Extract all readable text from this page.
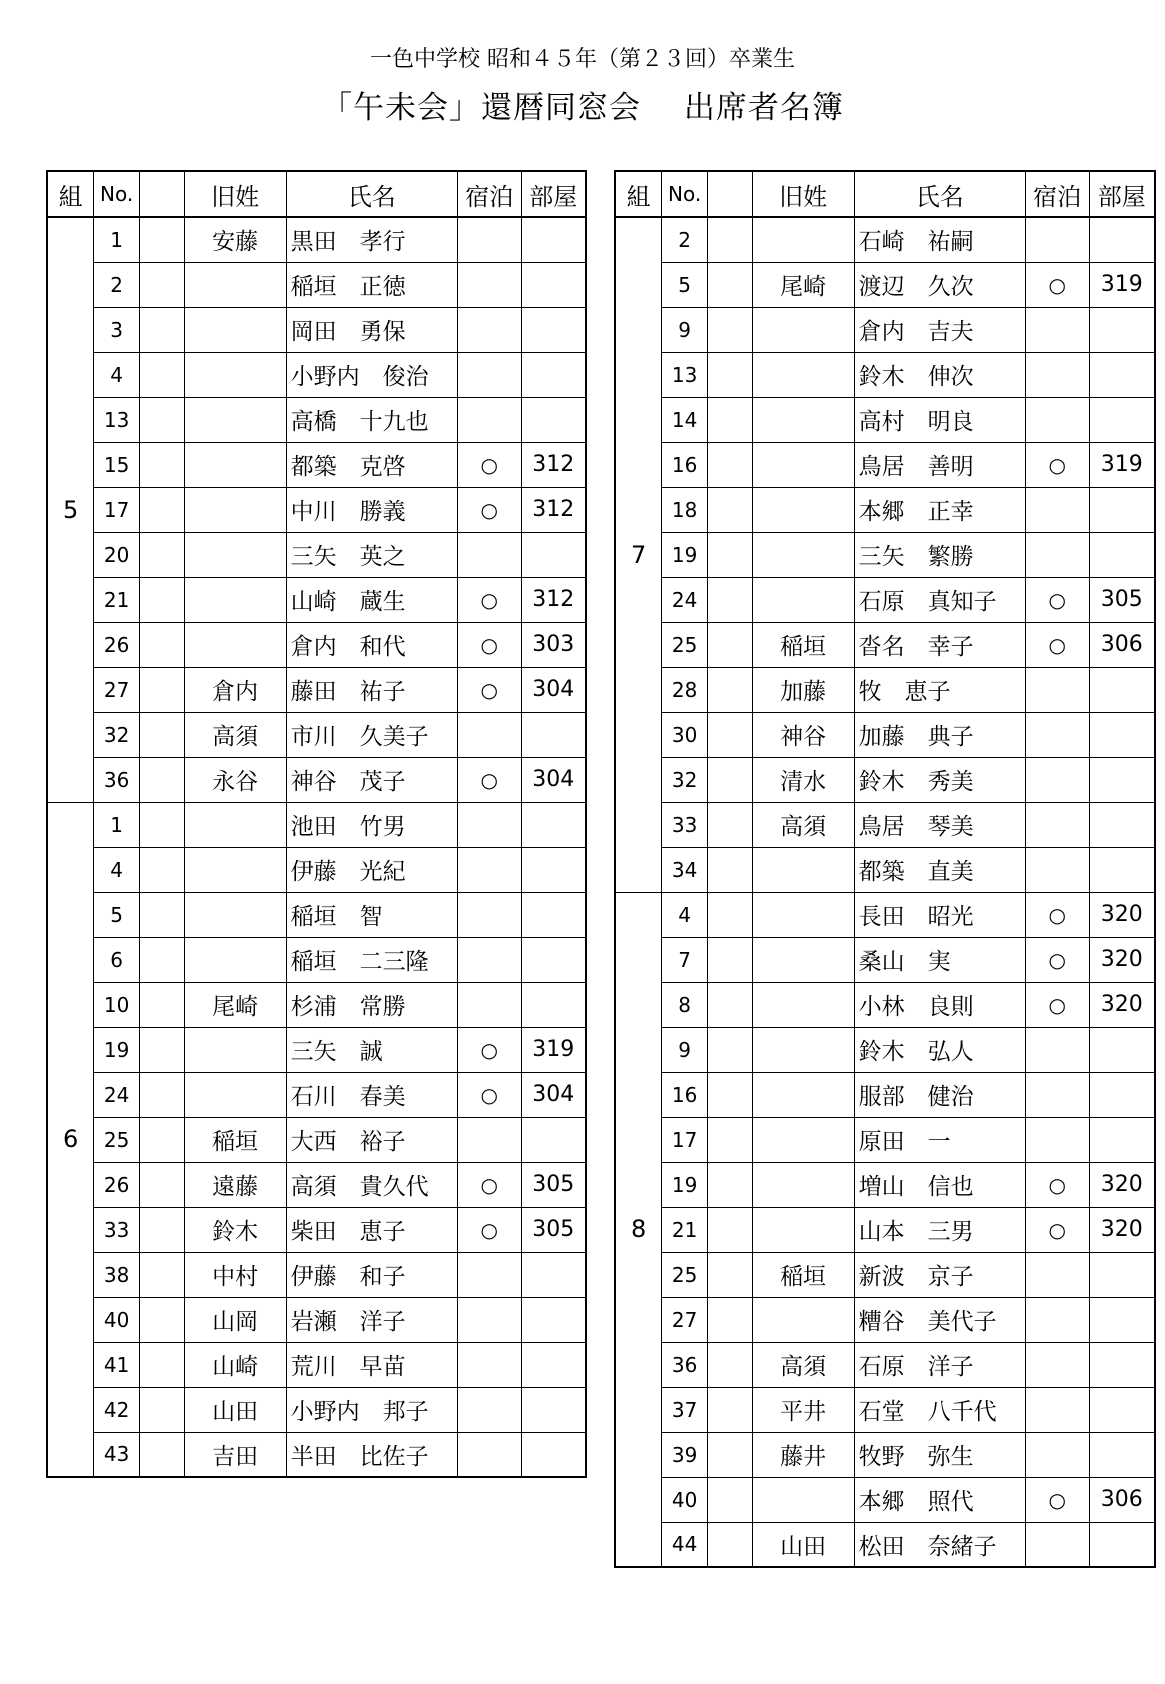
一色中学校 昭和４５年（第２３回）卒業生
「午未会」還暦同窓会　 出席者名簿
組	No.		旧姓	氏名	宿泊	部屋
5	1		安藤	黒田　孝行		
	2			稲垣　正徳		
	3			岡田　勇保		
	4			小野内　俊治		
	13			高橋　十九也		
	15			都築　克啓	○	312
	17			中川　勝義	○	312
	20			三矢　英之		
	21			山崎　蔵生	○	312
	26			倉内　和代	○	303
	27		倉内	藤田　祐子	○	304
	32		高須	市川　久美子		
	36		永谷	神谷　茂子	○	304
6	1			池田　竹男		
	4			伊藤　光紀		
	5			稲垣　智		
	6			稲垣　二三隆		
	10		尾崎	杉浦　常勝		
	19			三矢　誠	○	319
	24			石川　春美	○	304
	25		稲垣	大西　裕子		
	26		遠藤	高須　貴久代	○	305
	33		鈴木	柴田　恵子	○	305
	38		中村	伊藤　和子		
	40		山岡	岩瀬　洋子		
	41		山崎	荒川　早苗		
	42		山田	小野内　邦子		
	43		吉田	半田　比佐子		
組	No.		旧姓	氏名	宿泊	部屋
7	2			石崎　祐嗣		
	5		尾崎	渡辺　久次	○	319
	9			倉内　吉夫		
	13			鈴木　伸次		
	14			高村　明良		
	16			鳥居　善明	○	319
	18			本郷　正幸		
	19			三矢　繁勝		
	24			石原　真知子	○	305
	25		稲垣	沓名　幸子	○	306
	28		加藤	牧　恵子		
	30		神谷	加藤　典子		
	32		清水	鈴木　秀美		
	33		高須	鳥居　琴美		
	34			都築　直美		
8	4			長田　昭光	○	320
	7			桑山　実	○	320
	8			小林　良則	○	320
	9			鈴木　弘人		
	16			服部　健治		
	17			原田　一		
	19			増山　信也	○	320
	21			山本　三男	○	320
	25		稲垣	新波　京子		
	27			糟谷　美代子		
	36		高須	石原　洋子		
	37		平井	石堂　八千代		
	39		藤井	牧野　弥生		
	40			本郷　照代	○	306
	44		山田	松田　奈緒子		
